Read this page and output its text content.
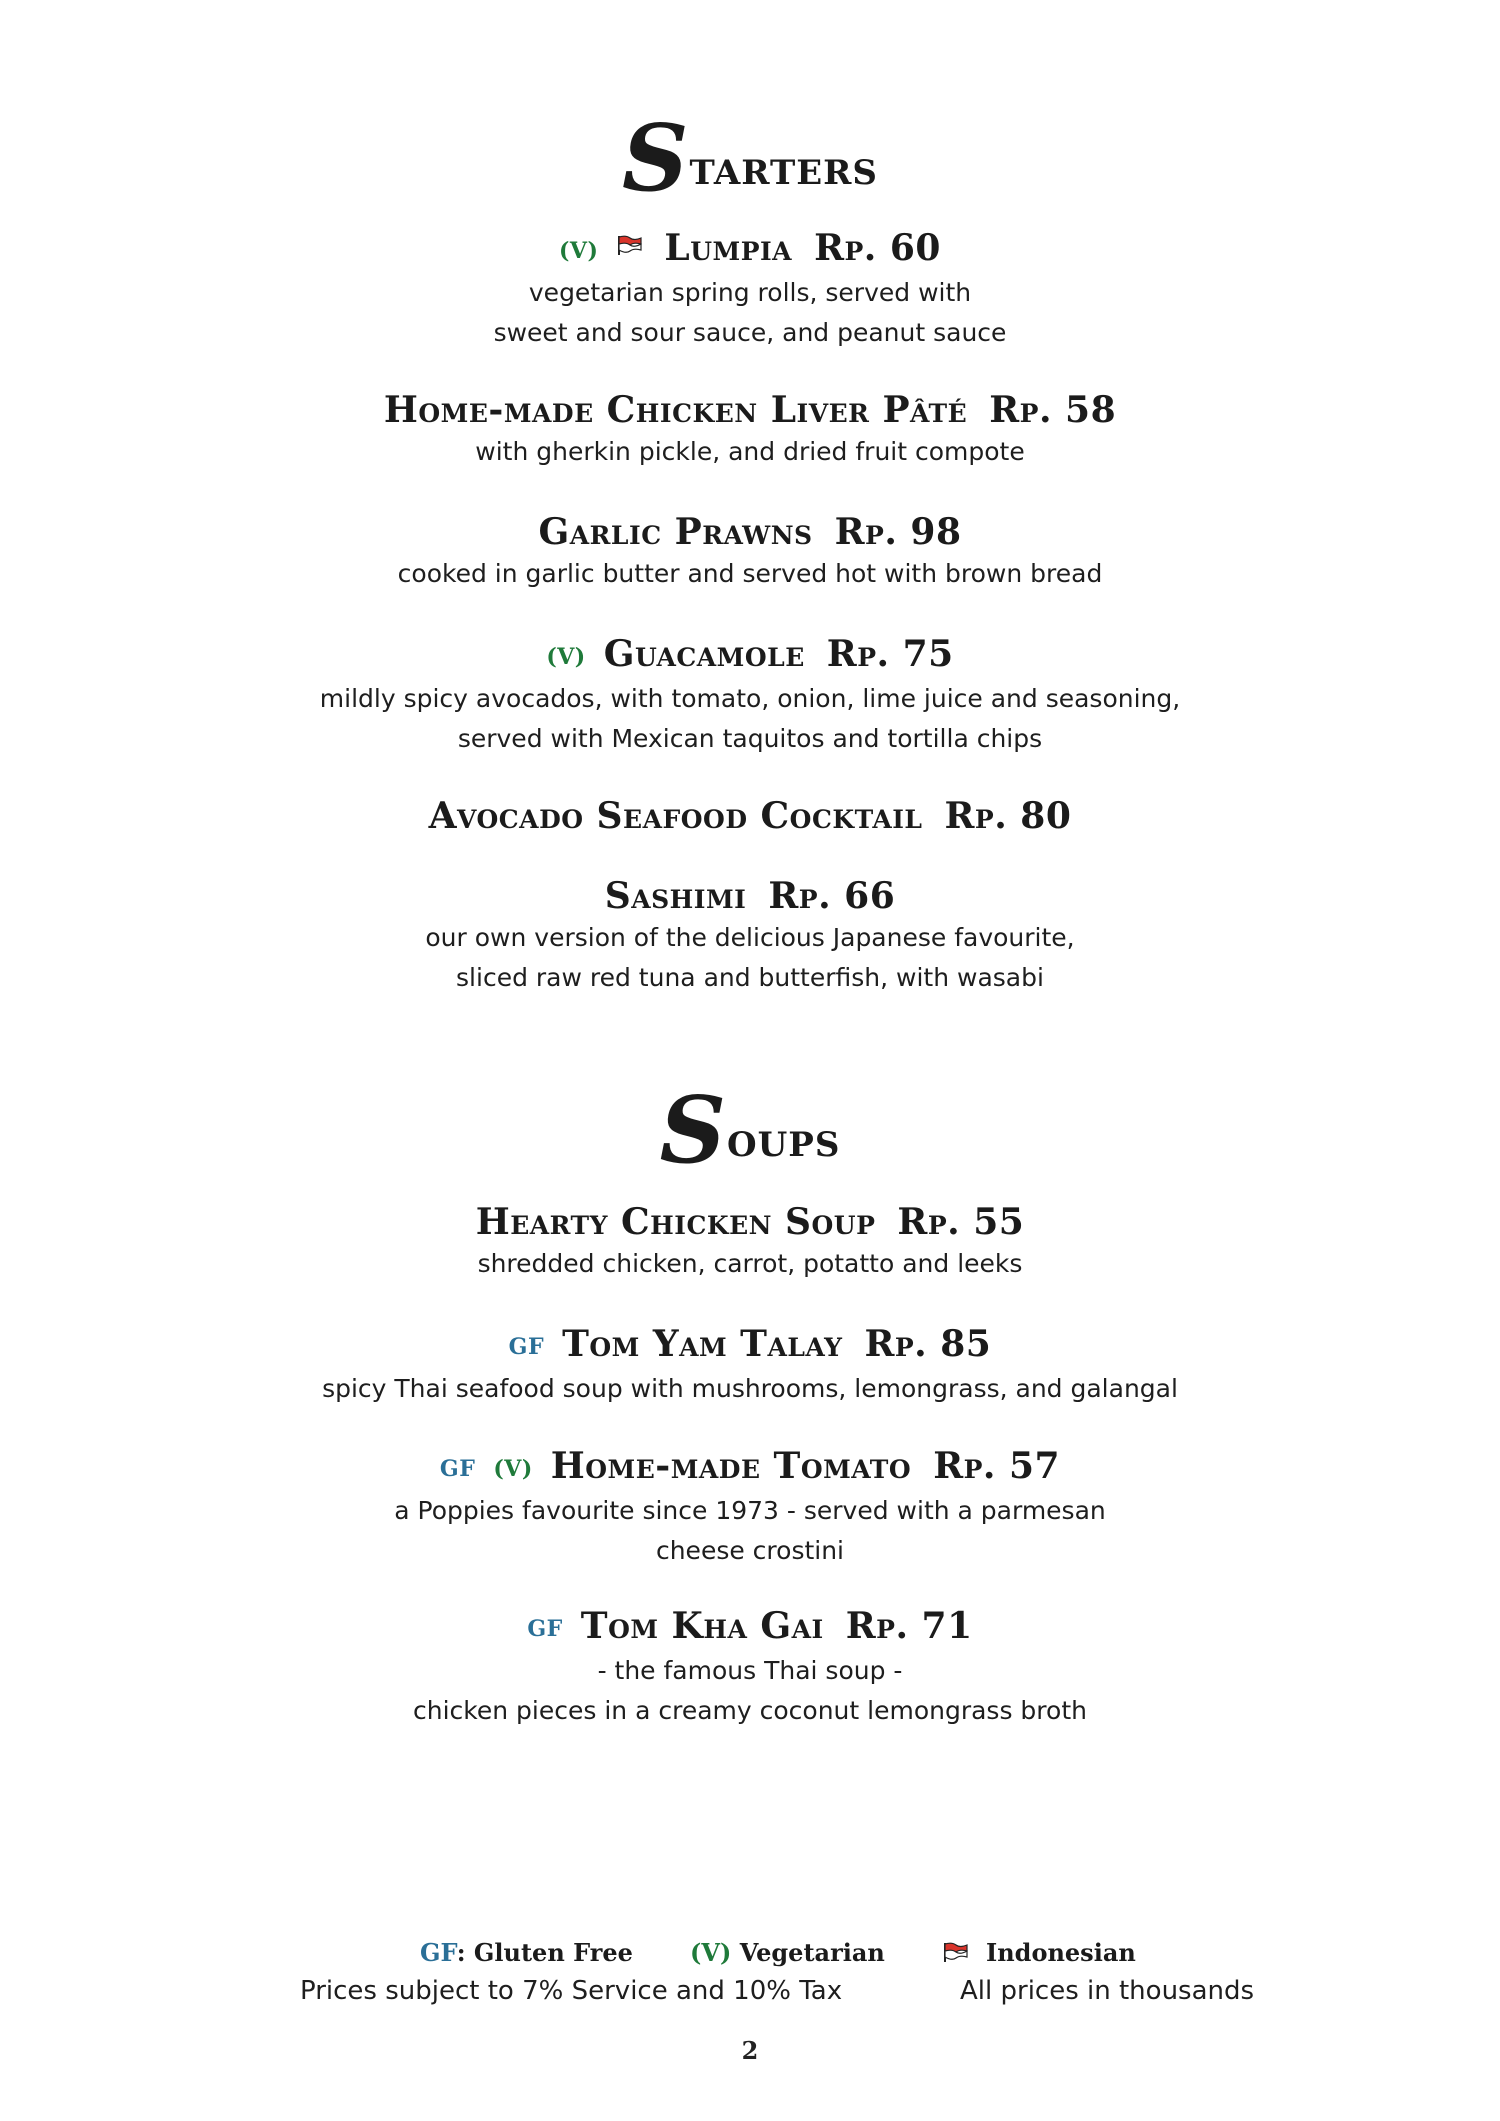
Starters
(V) Lumpia Rp. 60
vegetarian spring rolls, served with
sweet and sour sauce, and peanut sauce
Home-made Chicken Liver Pâté Rp. 58
with gherkin pickle, and dried fruit compote
Garlic Prawns Rp. 98
cooked in garlic butter and served hot with brown bread
(V) Guacamole Rp. 75
mildly spicy avocados, with tomato, onion, lime juice and seasoning,
served with Mexican taquitos and tortilla chips
Avocado Seafood Cocktail Rp. 80
Sashimi Rp. 66
our own version of the delicious Japanese favourite,
sliced raw red tuna and butterfish, with wasabi
Soups
Hearty Chicken Soup Rp. 55
shredded chicken, carrot, potatto and leeks
GF Tom Yam Talay Rp. 85
spicy Thai seafood soup with mushrooms, lemongrass, and galangal
GF (V) Home-made Tomato Rp. 57
a Poppies favourite since 1973 - served with a parmesan
cheese crostini
GF Tom Kha Gai Rp. 71
- the famous Thai soup -
chicken pieces in a creamy coconut lemongrass broth
GF: Gluten Free (V) Vegetarian	Indonesian
Prices subject to 7% Service and 10% Tax	All prices in thousands
2
